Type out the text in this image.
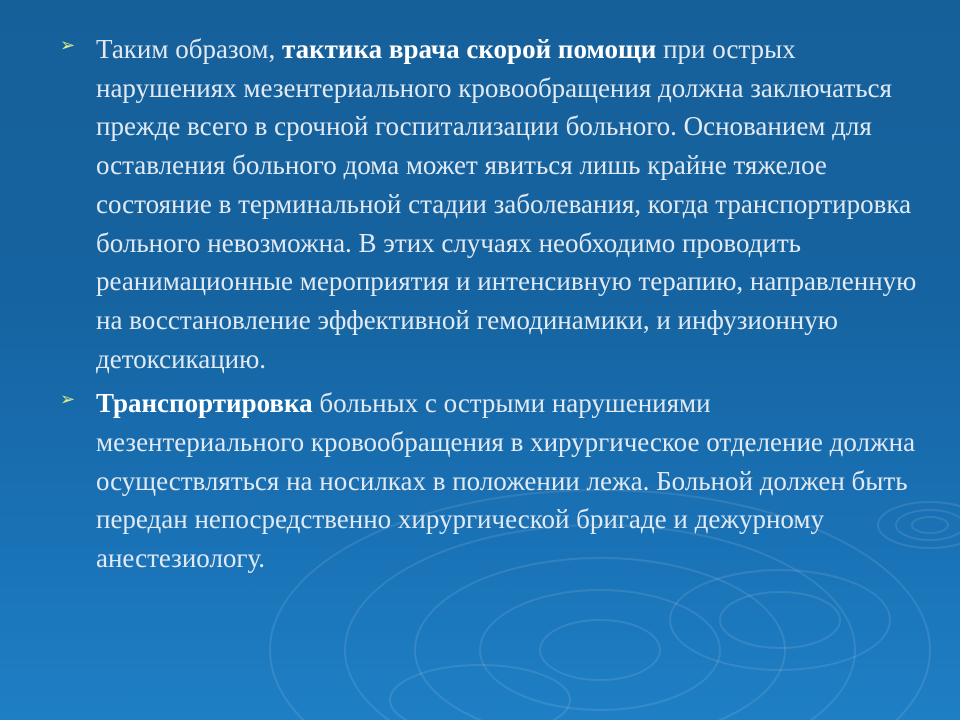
➢ Таким образом, тактика врача скорой помощи при острых нарушениях мезентериального кровообращения должна заключаться прежде всего в срочной госпитализации больного. Основанием для оставления больного дома может явиться лишь крайне тяжелое состояние в терминальной стадии заболевания, когда транспортировка больного невозможна. В этих случаях необходимо проводить реанимационные мероприятия и интенсивную терапию, направленную на восстановление эффективной гемодинамики, и инфузионную детоксикацию.
➢ Транспортировка больных с острыми нарушениями мезентериального кровообращения в хирургическое отделение должна осуществляться на носилках в положении лежа. Больной должен быть передан непосредственно хирургической бригаде и дежурному анестезиологу.
